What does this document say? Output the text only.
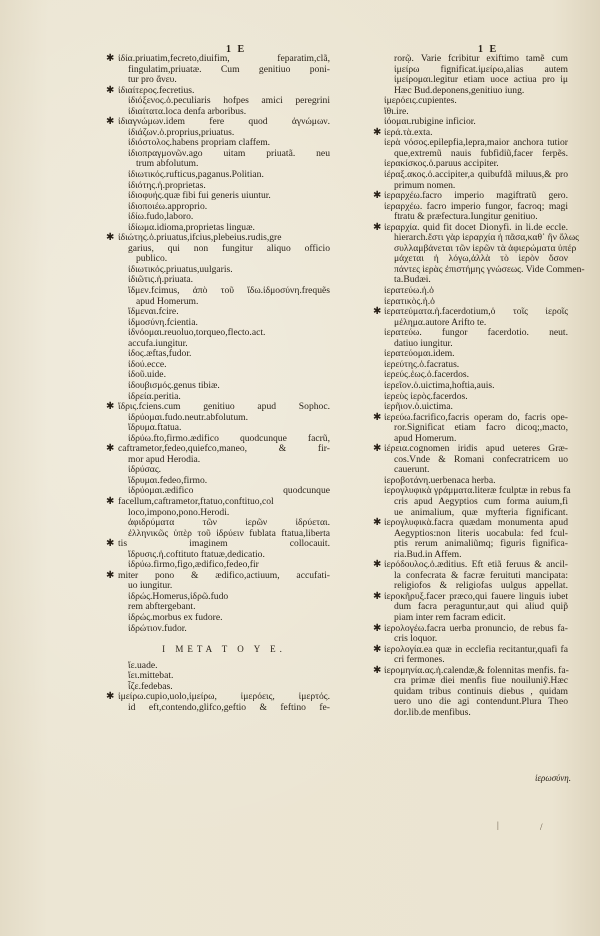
1 E	1 E
✱ ἰδία.priuatim,fecreto,diuifim, feparatim,clã,
fingulatim,priuatæ. Cum genitiuo poni-
tur pro ἄνευ.
✱ ἰδιαίτερος.fecretius.
ἰδιόξενος.ὁ.peculiaris hofpes amici peregrini
ἰδιαίτατα.loca denfa arboribus.
✱ ἰδιαγνώμων.idem fere quod ἀγνώμων.
ἰδιάζων.ὁ.proprius,priuatus.
ἰδιόστολος.habens propriam claffem.
ἰδιοπραγμονῶν.ago uitam priuatã. neu
trum abfolutum.
ἰδιωτικός.rufticus,paganus.Politian.
ἰδιότης.ἡ.proprietas.
ἰδιοφυής.quæ fibi fui generis uiuntur.
ἰδιοποιέω.approprio.
ἰδίω.fudo,laboro.
ἰδίωμα.idioma,proprietas linguæ.
✱ ἰδιώτης.ὁ.priuatus,ifcius,plebeius.rudis,gre
garius, qui non fungitur aliquo officio
publico.
ἰδιωτικός.priuatus,uulgaris.
ἰδιῶτις.ἡ.priuata.
ἴδμεν.fcimus, ἀπὸ τοῦ ἴδω.ἰδμοσύνη.frequẽs
apud Homerum.
ἴδμεναι.fcire.
ἰδμοσύνη.fcientia.
ἰδνόομαι.reuoluo,torqueo,flecto.act.
accufa.iungitur.
ἰδος.æftas,fudor.
ἰδού.ecce.
ἰδοῦ.uide.
ἰδουβισμός.genus tibiæ.
ἰδρεία.peritia.
✱ ἴδρις.fciens.cum genitiuo apud Sophoc.
ἱδρύομαι.fudo.neutr.abfolutum.
ἵδρυμα.ftatua.
ἱδρύω.fto,firmo.ædifico quodcunque facrũ,
✱ caftrametor,fedeo,quiefco,maneo, & fir-
mor apud Herodia.
ἱδρύσας.
ἵδρυμαι.fedeo,firmo.
ἱδρύομαι.ædifico quodcunque
✱ facellum,caftrametor,ftatuo,conftituo,col
loco,impono,pono.Herodi.
ἀφιδρύματα τῶν ἱερῶν ἱδρύεται.
ἐλληνικῶς ὑπὲρ τοῦ ἱδρύειν fublata ftatua,liberta
✱ tis imaginem collocauit.
ἵδρυσις.ἡ.coftituto ftatuæ,dedicatio.
ἱδρύω.firmo,figo,ædifico,fedeo,fir
✱ miter pono & ædifico,actiuum, accufati-
uo iungitur.
ἱδρώς.Homerus,ἱδρῶ.fudo
rem abftergebant.
ἱδρώς.morbus ex fudore.
ἱδρώτιον.fudor.
I META T O Y E.
ἴε.uade.
ἵει.mittebat.
ἷζε.fedebas.
✱ ἱμείρω.cupio,uolo,ἱμείρω, ἱμερόεις, ἱμερτός.
id eft,contendo,glifco,geftio & feftino fe-
rorῷ. Varie fcribitur exiftimo tamẽ cum
ἱμείρω fignificat.ἱμείρω,alias autem
ἱμείρομαι.legitur etiam uoce actiua pro ἱμ
Hæc Bud.deponens,genitiuo iung.
ἱμερόεις.cupientes.
ἴθι.ire.
ἰόομαι.rubigine inficior.
✱ ἱερά.τὰ.exta.
ἱερὰ νόσος.epilepfia,lepra,maior anchora tutior
que,extremũ nauis fubfidiũ,facer ferpẽs.
ἱερακίσκος.ὁ.paruus accipiter.
ἱέραξ.ακος.ὁ.accipiter,a quibufdã miluus,& pro
primum nomen.
✱ ἱεραρχέω.facro imperio magiftratũ gero.
ἱεραρχέω. facro imperio fungor, facroq; magi
ftratu & præfectura.Iungitur genitiuo.
✱ ἱεραρχία. quid fit docet Dionyfi. in li.de eccle.
hierarch.ἔστι γὰρ ἱεραρχία ἡ πᾶσα,καθ᾽ ἣν ὅλως
συλλαμβάνεται τῶν ἱερῶν τὰ ἀφιερώματα ὑπέρ
μάχεται ἡ λόγω,ἀλλὰ τὸ ἱερὸν ὅσον
πάντες ἱερὰς ἐπιστήμης γνώσεως. Vide Commen-
ta.Budæi.
ἱερατεύω.ἡ.ὁ
ἱερατικὸς.ἡ.ὁ
✱ ἱερατεύματα.ἡ.facerdotium,ὁ τοῖς ἱεροῖς
μέλημα.autore Arifto te.
ἱερατεύω. fungor facerdotio. neut.
datiuo iungitur.
ἱερατεύομαι.idem.
ἱερεύτης.ὁ.facratus.
ἱερεύς.ἐως.ὁ.facerdos.
ἱερεῖον.ὁ.uictima,hoftia,auis.
ἱερεὺς ἱερὸς.facerdos.
ἱερῆιον.ὁ.uictima.
✱ ἱερεύω.facrifico,facris operam do, facris ope-
ror.Significat etiam facro dicoq;,macto,
apud Homerum.
✱ ἱέρεια.cognomen iridis apud ueteres Græ-
cos.Vnde & Romani confecratricem uo
cauerunt.
ἱεροβοτάνη.uerbenaca herba.
ἱερογλυφικὰ γράμματα.literæ fculptæ in rebus fa
cris apud Aegyptios cum forma auium,fi
ue animalium, quæ myfteria fignificant.
✱ ἱερογλυφικὰ.facra quædam monumenta apud
Aegyptios:non literis uocabula: fed fcul-
ptis rerum animaliũmq; figuris fignifica-
ria.Bud.in Affem.
✱ ἱερόδουλος.ὁ.æditius. Eft etiã feruus & ancil-
la confecrata & facræ feruituti mancipata:
religiofos & religiofas uulgus appellat.
✱ ἱεροκῆρυξ.facer præco,qui fauere linguis iubet
dum facra peraguntur,aut qui aliud quip̃
piam inter rem facram edicit.
✱ ἱερολογέω.facra uerba pronuncio, de rebus fa-
cris loquor.
✱ ἱερολογία.ea quæ in ecclefia recitantur,quafi fa
cri fermones.
✱ ἱερομηνία.ας.ἡ.calendæ,& folennitas menfis. fa-
cra primæ diei menfis fiue nouiluniỹ.Hæc
quidam tribus continuis diebus , quidam
uero uno die agi contendunt.Plura Theo
dor.lib.de menfibus.
ἱερωσύνη.
|	/
